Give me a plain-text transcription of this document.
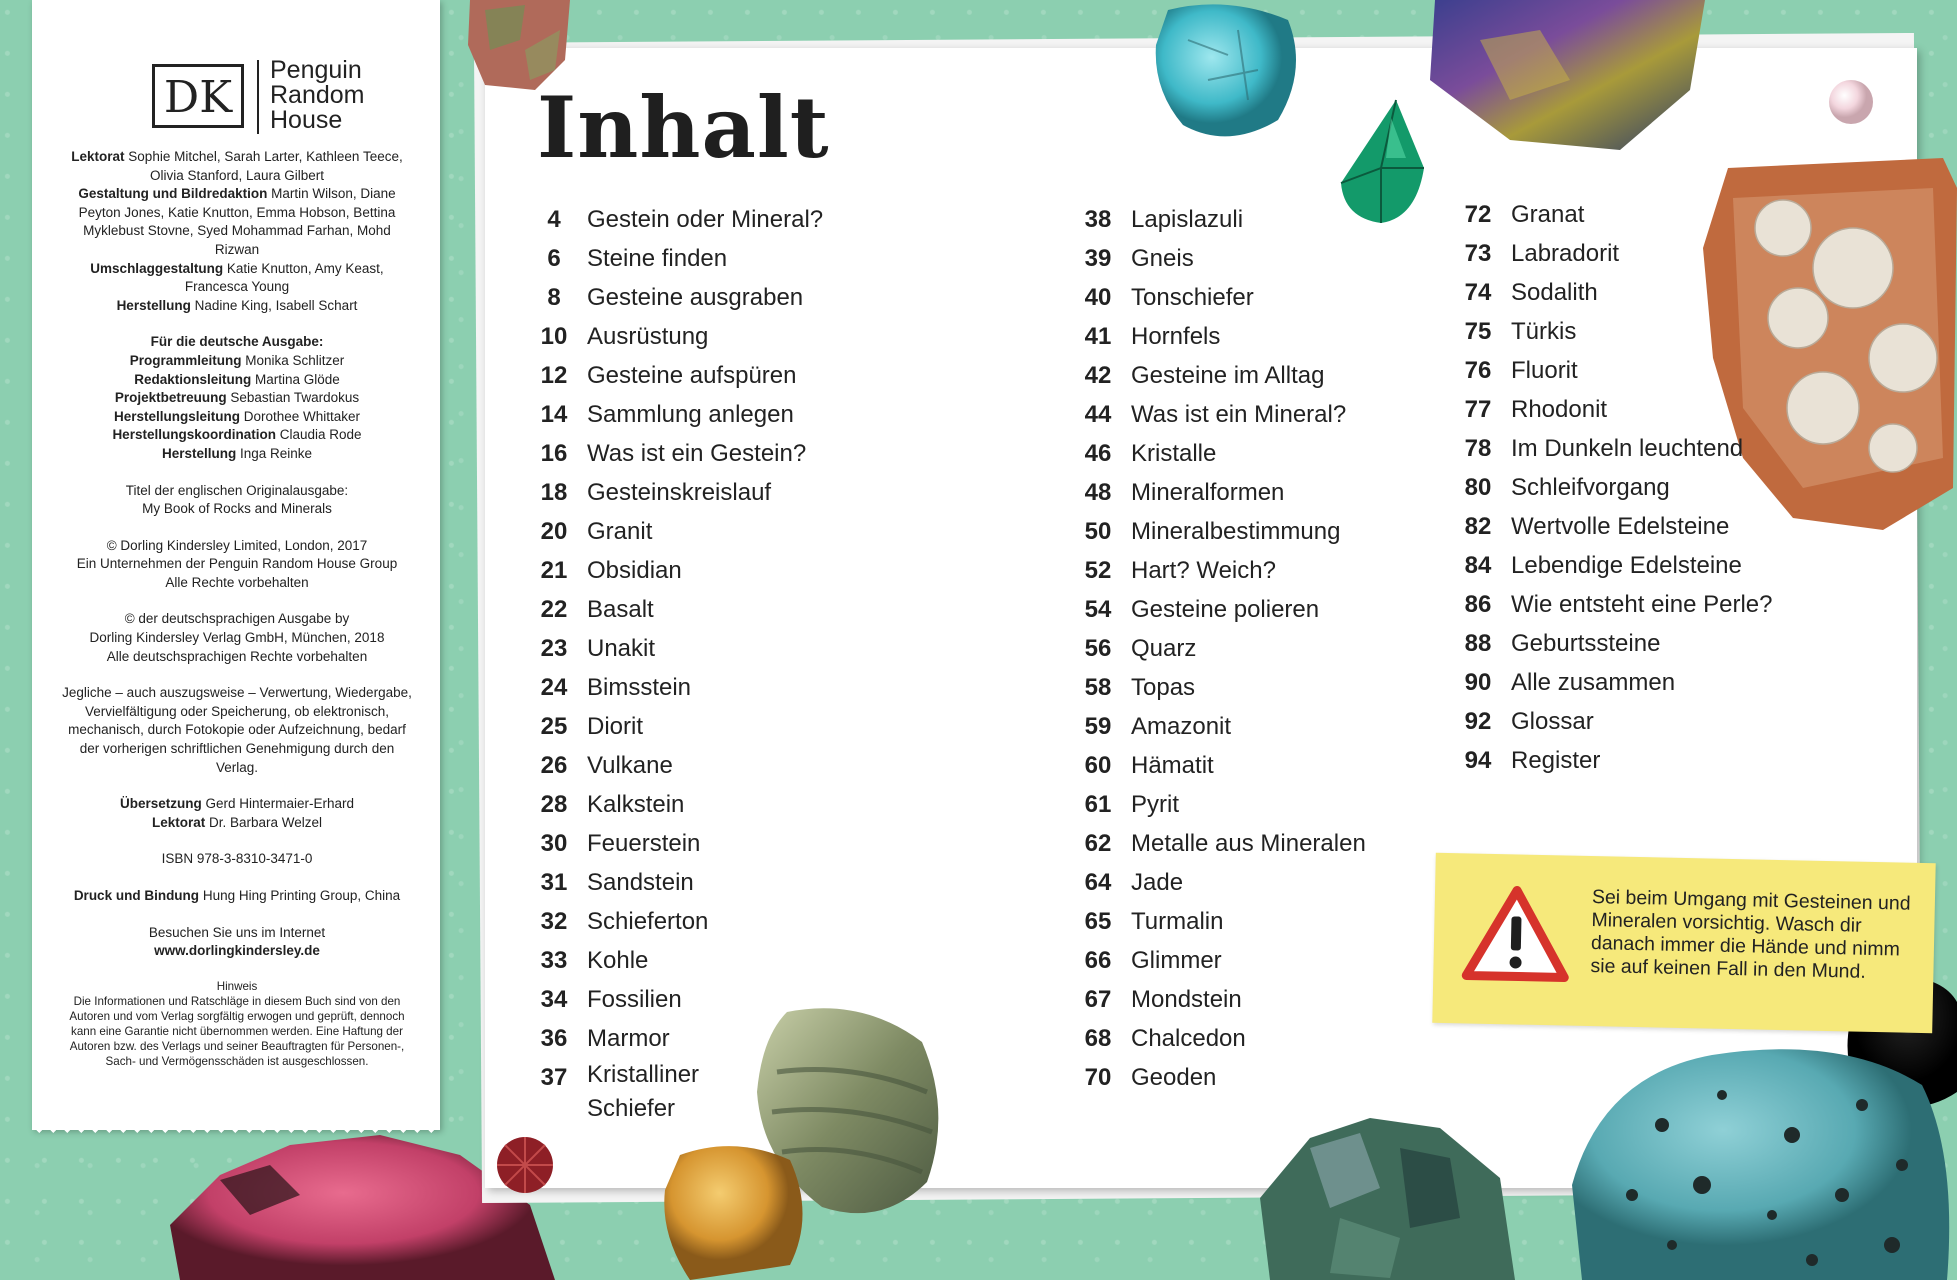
DK
Penguin
Random
House

Lektorat Sophie Mitchel, Sarah Larter, Kathleen Teece, Olivia Stanford, Laura Gilbert
Gestaltung und Bildredaktion Martin Wilson, Diane Peyton Jones, Katie Knutton, Emma Hobson, Bettina Myklebust Stovne, Syed Mohammad Farhan, Mohd Rizwan
Umschlaggestaltung Katie Knutton, Amy Keast, Francesca Young
Herstellung Nadine King, Isabell Schart

Für die deutsche Ausgabe:
Programmleitung Monika Schlitzer
Redaktionsleitung Martina Glöde
Projektbetreuung Sebastian Twardokus
Herstellungsleitung Dorothee Whittaker
Herstellungskoordination Claudia Rode
Herstellung Inga Reinke

Titel der englischen Originalausgabe:
My Book of Rocks and Minerals

© Dorling Kindersley Limited, London, 2017
Ein Unternehmen der Penguin Random House Group
Alle Rechte vorbehalten

© der deutschsprachigen Ausgabe by
Dorling Kindersley Verlag GmbH, München, 2018
Alle deutschsprachigen Rechte vorbehalten

Jegliche – auch auszugsweise – Verwertung, Wiedergabe, Vervielfältigung oder Speicherung, ob elektronisch, mechanisch, durch Fotokopie oder Aufzeichnung, bedarf der vorherigen schriftlichen Genehmigung durch den Verlag.

Übersetzung Gerd Hintermaier-Erhard
Lektorat Dr. Barbara Welzel

ISBN 978-3-8310-3471-0

Druck und Bindung Hung Hing Printing Group, China

Besuchen Sie uns im Internet
www.dorlingkindersley.de

Hinweis
Die Informationen und Ratschläge in diesem Buch sind von den Autoren und vom Verlag sorgfältig erwogen und geprüft, dennoch kann eine Garantie nicht übernommen werden. Eine Haftung der Autoren bzw. des Verlags und seiner Beauftragten für Personen-, Sach- und Vermögensschäden ist ausgeschlossen.

Inhalt
4	Gestein oder Mineral?
6	Steine finden
8	Gesteine ausgraben
10 Ausrüstung
12 Gesteine aufspüren
14 Sammlung anlegen
16 Was ist ein Gestein?
18 Gesteinskreislauf
20 Granit
21 Obsidian
22 Basalt
23 Unakit
24 Bimsstein
25 Diorit
26 Vulkane
28 Kalkstein
30 Feuerstein
31 Sandstein
32 Schieferton
33 Kohle
34 Fossilien
36 Marmor
37 Kristalliner Schiefer
38 Lapislazuli
39 Gneis
40 Tonschiefer
41 Hornfels
42 Gesteine im Alltag
44 Was ist ein Mineral?
46 Kristalle
48 Mineralformen
50 Mineralbestimmung
52 Hart? Weich?
54 Gesteine polieren
56 Quarz
58 Topas
59 Amazonit
60 Hämatit
61 Pyrit
62 Metalle aus Mineralen
64 Jade
65 Turmalin
66 Glimmer
67 Mondstein
68 Chalcedon
70 Geoden
72 Granat
73 Labradorit
74 Sodalith
75 Türkis
76 Fluorit
77 Rhodonit
78 Im Dunkeln leuchtend
80 Schleifvorgang
82 Wertvolle Edelsteine
84 Lebendige Edelsteine
86 Wie entsteht eine Perle?
88 Geburtssteine
90 Alle zusammen
92 Glossar
94 Register
Sei beim Umgang mit Gesteinen und Mineralen vorsichtig. Wasch dir danach immer die Hände und nimm sie auf keinen Fall in den Mund.
